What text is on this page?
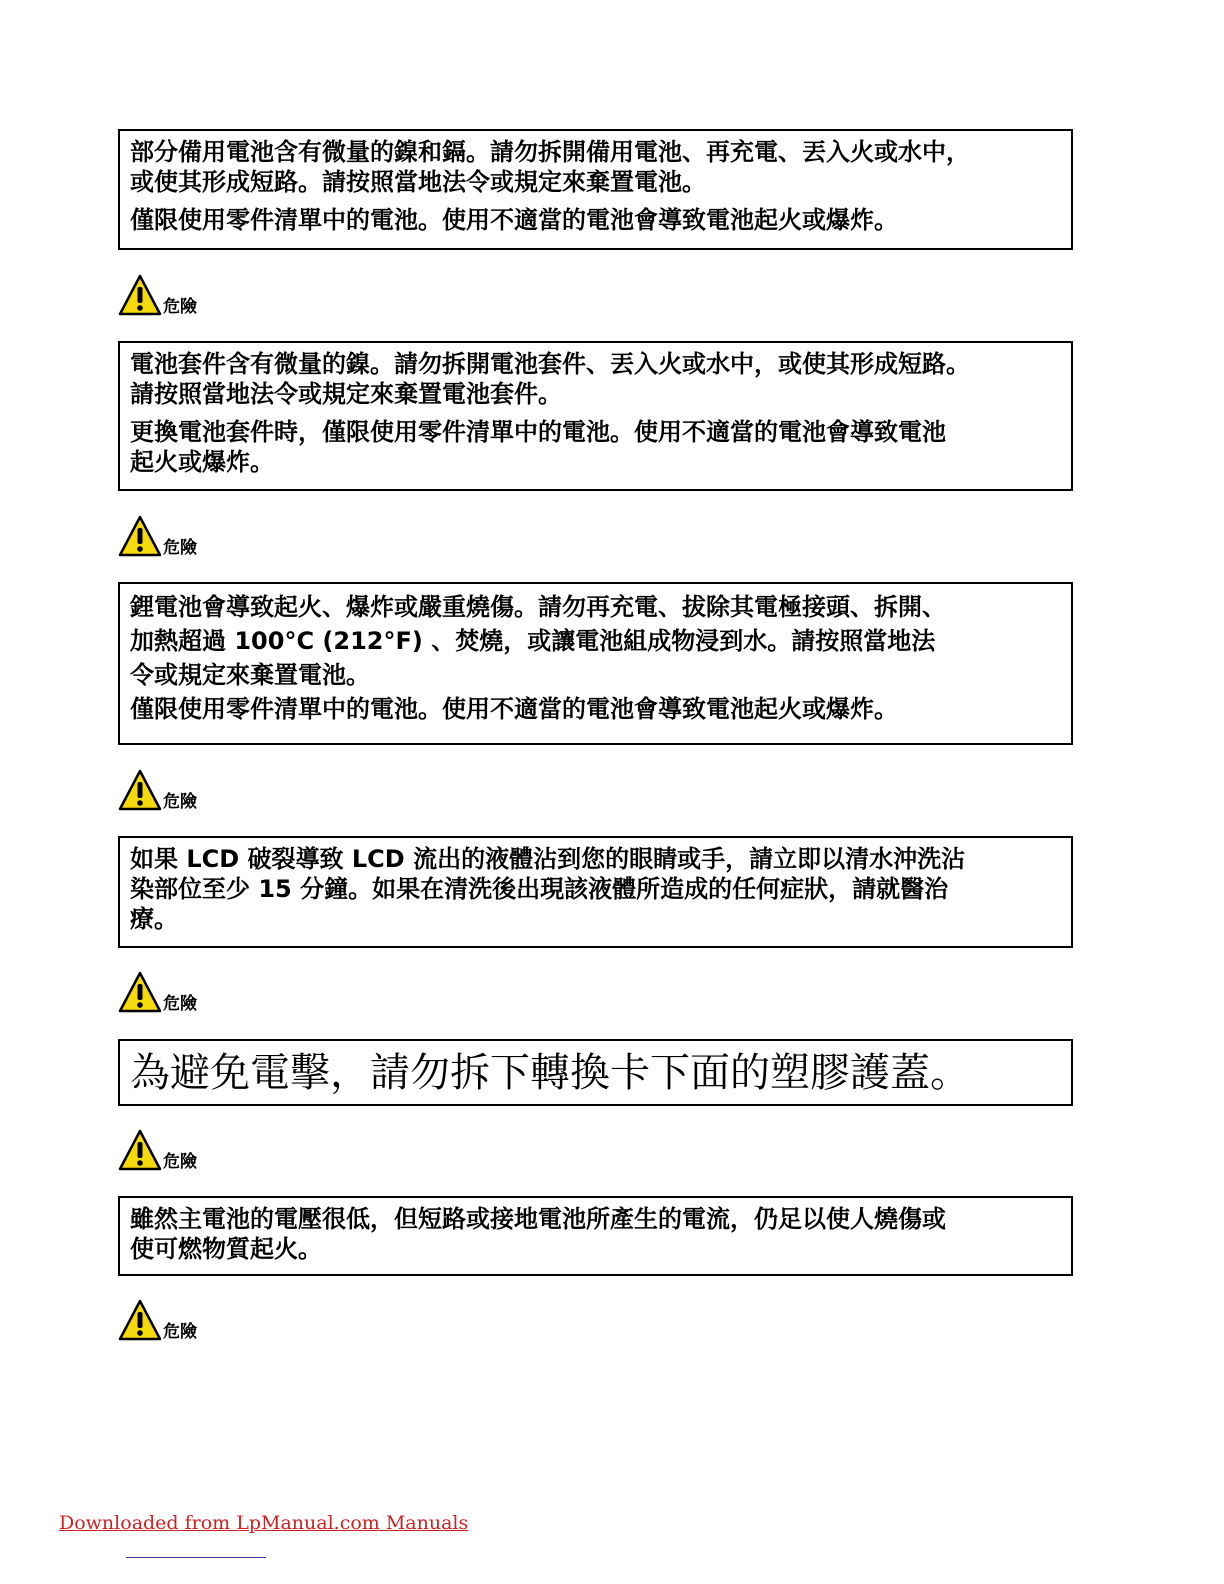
部分備用電池含有微量的鎳和鎘。請勿拆開備用電池、再充電、丟入火或水中，
或使其形成短路。請按照當地法令或規定來棄置電池。

僅限使用零件清單中的電池。使用不適當的電池會導致電池起火或爆炸。

危險

電池套件含有微量的鎳。請勿拆開電池套件、丟入火或水中，或使其形成短路。
請按照當地法令或規定來棄置電池套件。

更換電池套件時，僅限使用零件清單中的電池。使用不適當的電池會導致電池
起火或爆炸。

危險

鋰電池會導致起火、爆炸或嚴重燒傷。請勿再充電、拔除其電極接頭、拆開、
加熱超過 100°C (212°F) 、焚燒，或讓電池組成物浸到水。請按照當地法
令或規定來棄置電池。
僅限使用零件清單中的電池。使用不適當的電池會導致電池起火或爆炸。

危險

如果 LCD 破裂導致 LCD 流出的液體沾到您的眼睛或手，請立即以清水沖洗沾
染部位至少 15 分鐘。如果在清洗後出現該液體所造成的任何症狀，請就醫治
療。

危險

為避免電擊，請勿拆下轉換卡下面的塑膠護蓋。

危險

雖然主電池的電壓很低，但短路或接地電池所產生的電流，仍足以使人燒傷或
使可燃物質起火。

危險
Downloaded from LpManual.com Manuals
